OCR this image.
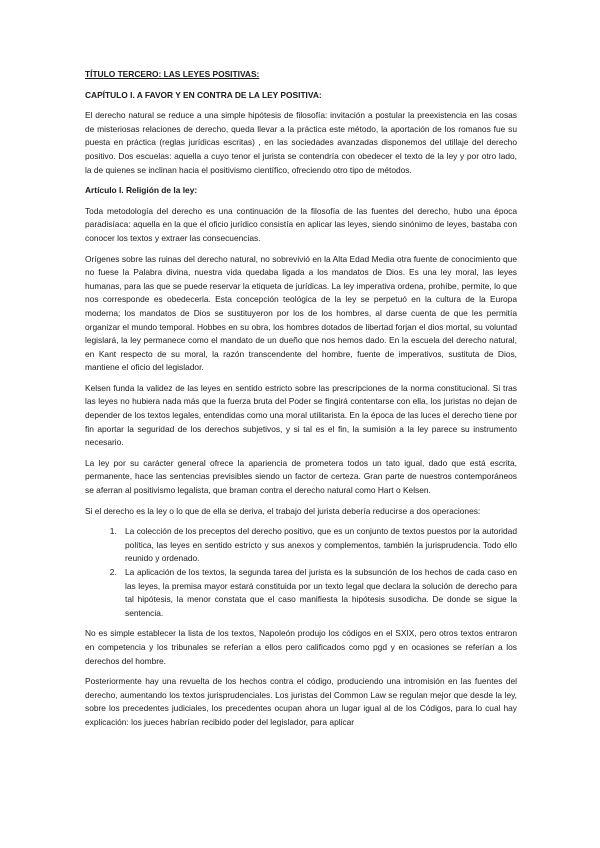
TÍTULO TERCERO: LAS LEYES POSITIVAS:
CAPÍTULO I. A FAVOR Y EN CONTRA DE LA LEY POSITIVA:

El derecho natural se reduce a una simple hipótesis de filosofía: invitación a postular la preexistencia en las cosas de misteriosas relaciones de derecho, queda llevar a la práctica este método, la aportación de los romanos fue su puesta en práctica (reglas jurídicas escritas) , en las sociedades avanzadas disponemos del utillaje del derecho positivo. Dos escuelas: aquella a cuyo tenor el jurista se contendría con obedecer el texto de la ley y por otro lado, la de quienes se inclinan hacia el positivismo científico, ofreciendo otro tipo de métodos.

Artículo I. Religión de la ley:

Toda metodología del derecho es una continuación de la filosofía de las fuentes del derecho, hubo una época paradisíaca: aquella en la que el oficio jurídico consistía en aplicar las leyes, siendo sinónimo de leyes, bastaba con conocer los textos y extraer las consecuencias.

Orígenes sobre las ruinas del derecho natural, no sobrevivió en la Alta Edad Media otra fuente de conocimiento que no fuese la Palabra divina, nuestra vida quedaba ligada a los mandatos de Dios. Es una ley moral, las leyes humanas, para las que se puede reservar la etiqueta de jurídicas. La ley imperativa ordena, prohíbe, permite, lo que nos corresponde es obedecerla. Esta concepción teológica de la ley se perpetuó en la cultura de la Europa moderna; los mandatos de Dios se sustituyeron por los de los hombres, al darse cuenta de que les permitía organizar el mundo temporal. Hobbes en su obra, los hombres dotados de libertad forjan el dios mortal, su voluntad legislará, la ley permanece como el mandato de un dueño que nos hemos dado. En la escuela del derecho natural, en Kant respecto de su moral, la razón transcendente del hombre, fuente de imperativos, sustituta de Dios, mantiene el oficio del legislador.

Kelsen funda la validez de las leyes en sentido estricto sobre las prescripciones de la norma constitucional. Si tras las leyes no hubiera nada más que la fuerza bruta del Poder se fingirá contentarse con ella, los juristas no dejan de depender de los textos legales, entendidas como una moral utilitarista. En la época de las luces el derecho tiene por fin aportar la seguridad de los derechos subjetivos, y si tal es el fin, la sumisión a la ley parece su instrumento necesario.

La ley por su carácter general ofrece la apariencia de prometera todos un tato igual, dado que está escrita, permanente, hace las sentencias previsibles siendo un factor de certeza. Gran parte de nuestros contemporáneos se aferran al positivismo legalista, que braman contra el derecho natural como Hart o Kelsen.

Si el derecho es la ley o lo que de ella se deriva, el trabajo del jurista debería reducirse a dos operaciones:

1. La colección de los preceptos del derecho positivo, que es un conjunto de textos puestos por la autoridad política, las leyes en sentido estricto y sus anexos y complementos, también la jurisprudencia. Todo ello reunido y ordenado.
2. La aplicación de los textos, la segunda tarea del jurista es la subsunción de los hechos de cada caso en las leyes, la premisa mayor estará constituida por un texto legal que declara la solución de derecho para tal hipótesis, la menor constata que el caso manifiesta la hipótesis susodicha. De donde se sigue la sentencia.

No es simple establecer la lista de los textos, Napoleón produjo los códigos en el SXIX, pero otros textos entraron en competencia y los tribunales se referían a ellos pero calificados como pgd y en ocasiones se referían a los derechos del hombre.

Posteriormente hay una revuelta de los hechos contra el código, produciendo una intromisión en las fuentes del derecho, aumentando los textos jurisprudenciales. Los juristas del Common Law se regulan mejor que desde la ley, sobre los precedentes judiciales, los precedentes ocupan ahora un lugar igual al de los Códigos, para lo cual hay explicación: los jueces habrían recibido poder del legislador, para aplicar
